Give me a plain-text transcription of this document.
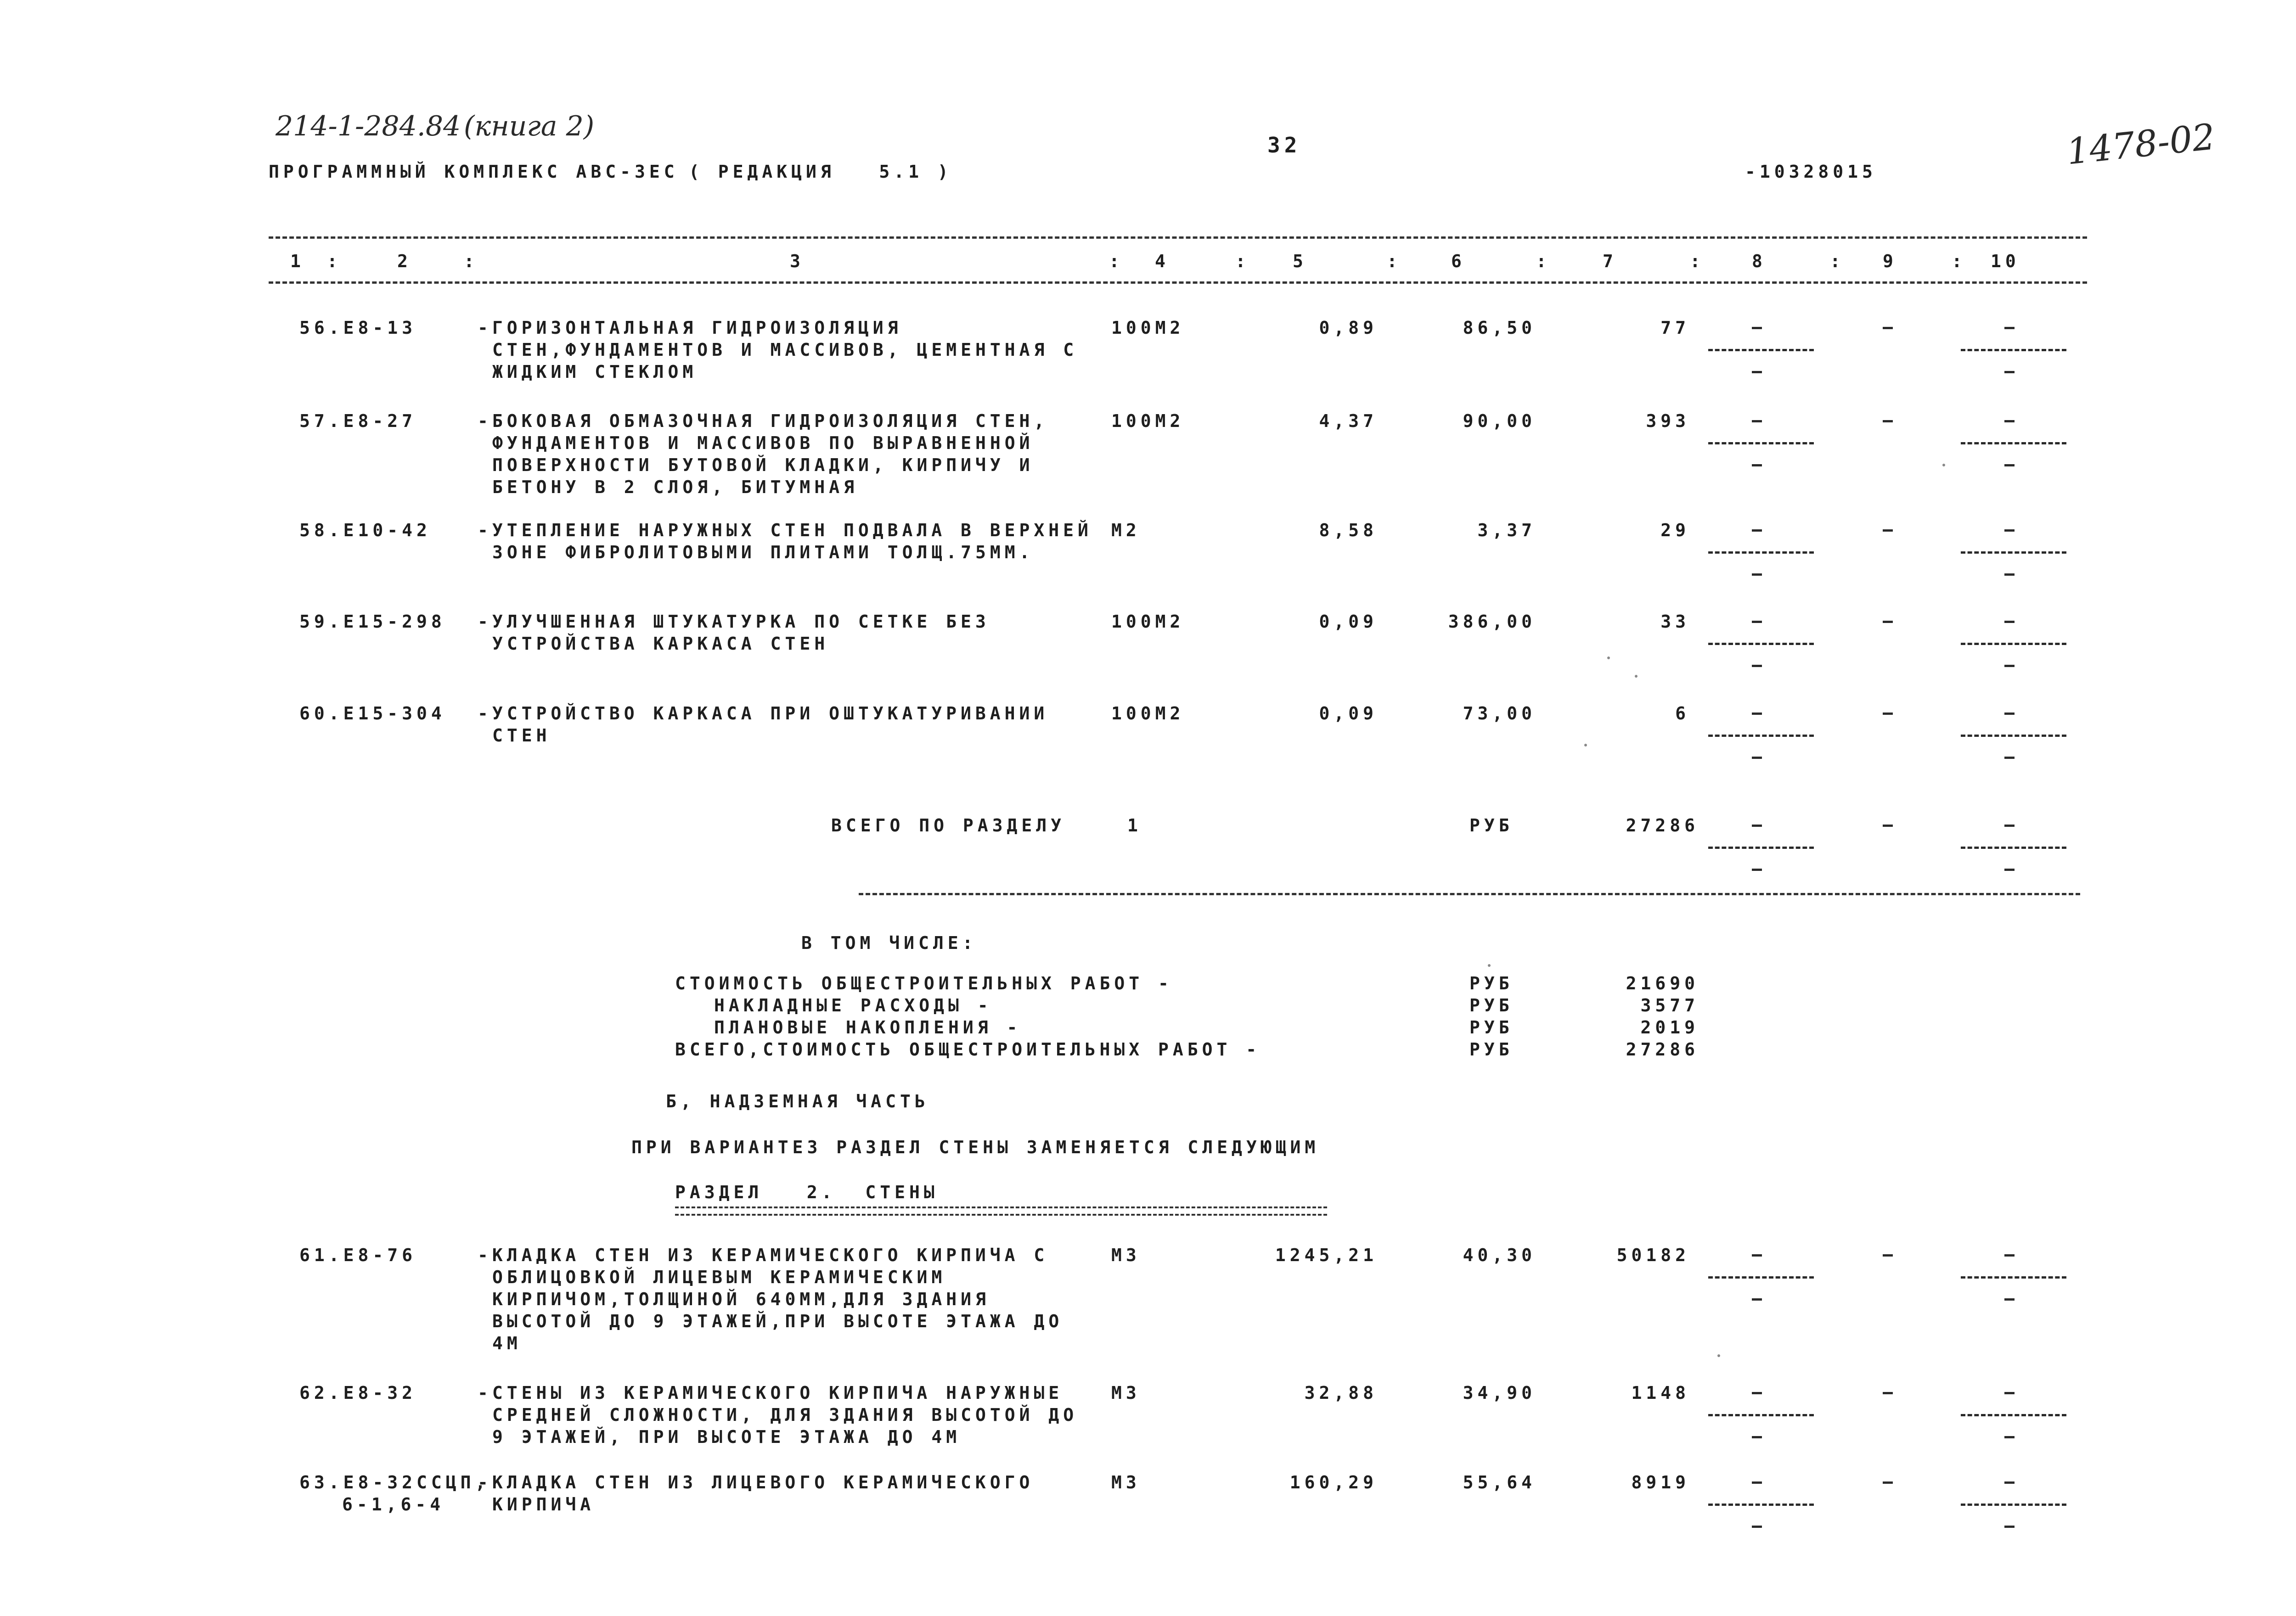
214-1-284.84 (книга 2)
ПРОГРАММНЫЙ КОМПЛЕКС АВС-ЗЕС ( РЕДАКЦИЯ   5.1 )
32
-10328015	1478-02
1	2	3	4	5	6	7	8	9	10
:	:	:	:	:	:	:	:	:
56.Е8-13	-ГОРИЗОНТАЛЬНАЯ ГИДРОИЗОЛЯЦИЯ
СТЕН,ФУНДАМЕНТОВ И МАССИВОВ, ЦЕМЕНТНАЯ С
ЖИДКИМ СТЕКЛОМ
100М2	0,89	86,50	77
57.Е8-27	-БОКОВАЯ ОБМАЗОЧНАЯ ГИДРОИЗОЛЯЦИЯ СТЕН,
ФУНДАМЕНТОВ И МАССИВОВ ПО ВЫРАВНЕННОЙ
ПОВЕРХНОСТИ БУТОВОЙ КЛАДКИ, КИРПИЧУ И
БЕТОНУ В 2 СЛОЯ, БИТУМНАЯ
100М2	4,37	90,00	393
58.Е10-42	-УТЕПЛЕНИЕ НАРУЖНЫХ СТЕН ПОДВАЛА В ВЕРХНЕЙ
ЗОНЕ ФИБРОЛИТОВЫМИ ПЛИТАМИ ТОЛЩ.75ММ.
М2	8,58	3,37	29
59.Е15-298 -УЛУЧШЕННАЯ ШТУКАТУРКА ПО СЕТКЕ БЕЗ
УСТРОЙСТВА КАРКАСА СТЕН
100М2	0,09	386,00	33
60.Е15-304 -УСТРОЙСТВО КАРКАСА ПРИ ОШТУКАТУРИВАНИИ
СТЕН
100М2	0,09	73,00	6
ВСЕГО ПО РАЗДЕЛУ	1	РУБ	27286
В ТОМ ЧИСЛЕ:
СТОИМОСТЬ ОБЩЕСТРОИТЕЛЬНЫХ РАБОТ -	РУБ	21690
НАКЛАДНЫЕ РАСХОДЫ -	РУБ	3577
ПЛАНОВЫЕ НАКОПЛЕНИЯ -	РУБ	2019
ВСЕГО,СТОИМОСТЬ ОБЩЕСТРОИТЕЛЬНЫХ РАБОТ -	РУБ	27286
Б, НАДЗЕМНАЯ ЧАСТЬ
ПРИ ВАРИАНТЕ3 РАЗДЕЛ СТЕНЫ ЗАМЕНЯЕТСЯ СЛЕДУЮЩИМ
РАЗДЕЛ   2.  СТЕНЫ
61.Е8-76	-КЛАДКА СТЕН ИЗ КЕРАМИЧЕСКОГО КИРПИЧА С
ОБЛИЦОВКОЙ ЛИЦЕВЫМ КЕРАМИЧЕСКИМ
КИРПИЧОМ,ТОЛЩИНОЙ 640ММ,ДЛЯ ЗДАНИЯ
ВЫСОТОЙ ДО 9 ЭТАЖЕЙ,ПРИ ВЫСОТЕ ЭТАЖА ДО
4М
М3	1245,21	40,30	50182
62.Е8-32	-СТЕНЫ ИЗ КЕРАМИЧЕСКОГО КИРПИЧА НАРУЖНЫЕ
СРЕДНЕЙ СЛОЖНОСТИ, ДЛЯ ЗДАНИЯ ВЫСОТОЙ ДО
9 ЭТАЖЕЙ, ПРИ ВЫСОТЕ ЭТАЖА ДО 4М
М3	32,88	34,90	1148
63.Е8-32ССЦП,
6-1,6-4
-КЛАДКА СТЕН ИЗ ЛИЦЕВОГО КЕРАМИЧЕСКОГО
КИРПИЧА
М3	160,29	55,64	8919
